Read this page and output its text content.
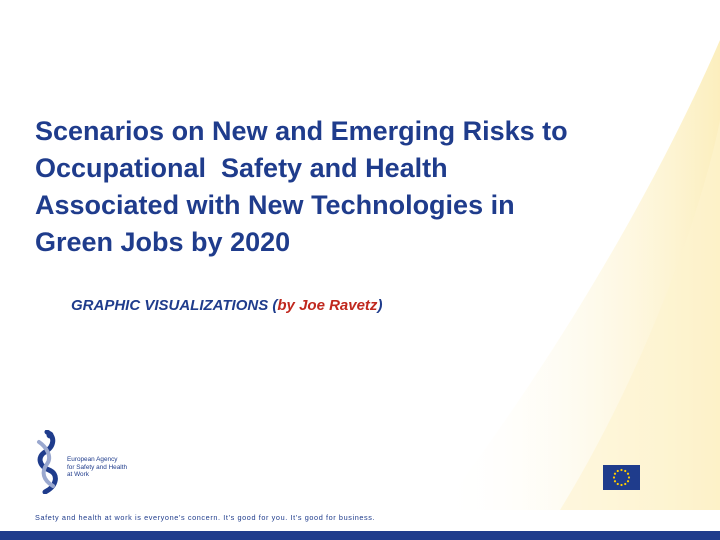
Scenarios on New and Emerging Risks to
Occupational  Safety and Health
Associated with New Technologies in
Green Jobs by 2020
GRAPHIC VISUALIZATIONS (by Joe Ravetz)
European Agency
for Safety and Health
at Work
Safety and health at work is everyone’s concern. It’s good for you. It’s good for business.
